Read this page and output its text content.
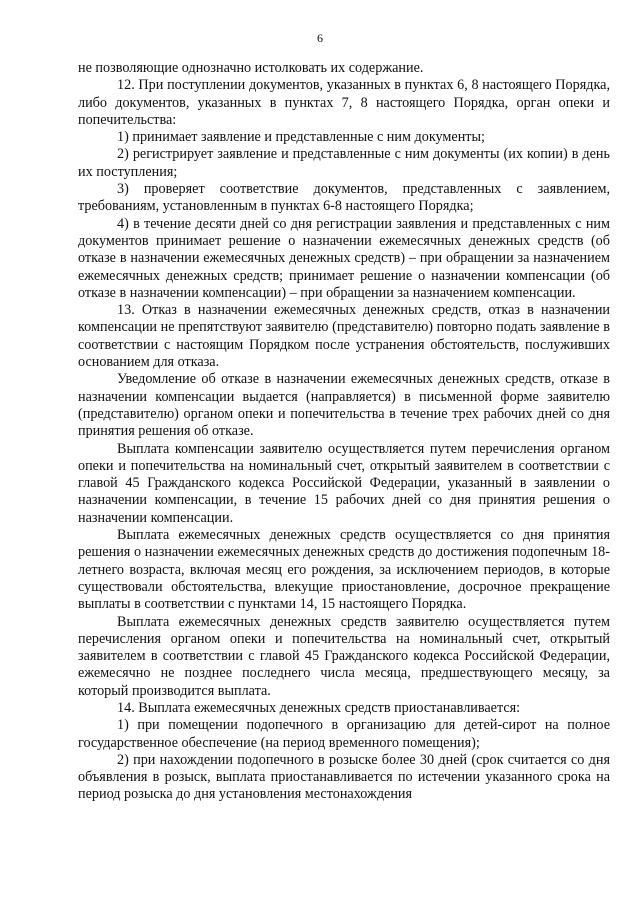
6

не позволяющие однозначно истолковать их содержание.

12. При поступлении документов, указанных в пунктах 6, 8 настоящего Порядка, либо документов, указанных в пунктах 7, 8 настоящего Порядка, орган опеки и попечительства:

1) принимает заявление и представленные с ним документы;

2) регистрирует заявление и представленные с ним документы (их копии) в день их поступления;

3) проверяет соответствие документов, представленных с заявлением, требованиям, установленным в пунктах 6-8 настоящего Порядка;

4) в течение десяти дней со дня регистрации заявления и представленных с ним документов принимает решение о назначении ежемесячных денежных средств (об отказе в назначении ежемесячных денежных средств) – при обращении за назначением ежемесячных денежных средств; принимает решение о назначении компенсации (об отказе в назначении компенсации) – при обращении за назначением компенсации.

13. Отказ в назначении ежемесячных денежных средств, отказ в назначении компенсации не препятствуют заявителю (представителю) повторно подать заявление в соответствии с настоящим Порядком после устранения обстоятельств, послуживших основанием для отказа.

Уведомление об отказе в назначении ежемесячных денежных средств, отказе в назначении компенсации выдается (направляется) в письменной форме заявителю (представителю) органом опеки и попечительства в течение трех рабочих дней со дня принятия решения об отказе.

Выплата компенсации заявителю осуществляется путем перечисления органом опеки и попечительства на номинальный счет, открытый заявителем в соответствии с главой 45 Гражданского кодекса Российской Федерации, указанный в заявлении о назначении компенсации, в течение 15 рабочих дней со дня принятия решения о назначении компенсации.

Выплата ежемесячных денежных средств осуществляется со дня принятия решения о назначении ежемесячных денежных средств до достижения подопечным 18-летнего возраста, включая месяц его рождения, за исключением периодов, в которые существовали обстоятельства, влекущие приостановление, досрочное прекращение выплаты в соответствии с пунктами 14, 15 настоящего Порядка.

Выплата ежемесячных денежных средств заявителю осуществляется путем перечисления органом опеки и попечительства на номинальный счет, открытый заявителем в соответствии с главой 45 Гражданского кодекса Российской Федерации, ежемесячно не позднее последнего числа месяца, предшествующего месяцу, за который производится выплата.

14. Выплата ежемесячных денежных средств приостанавливается:

1) при помещении подопечного в организацию для детей-сирот на полное государственное обеспечение (на период временного помещения);

2) при нахождении подопечного в розыске более 30 дней (срок считается со дня объявления в розыск, выплата приостанавливается по истечении указанного срока на период розыска до дня установления местонахождения
